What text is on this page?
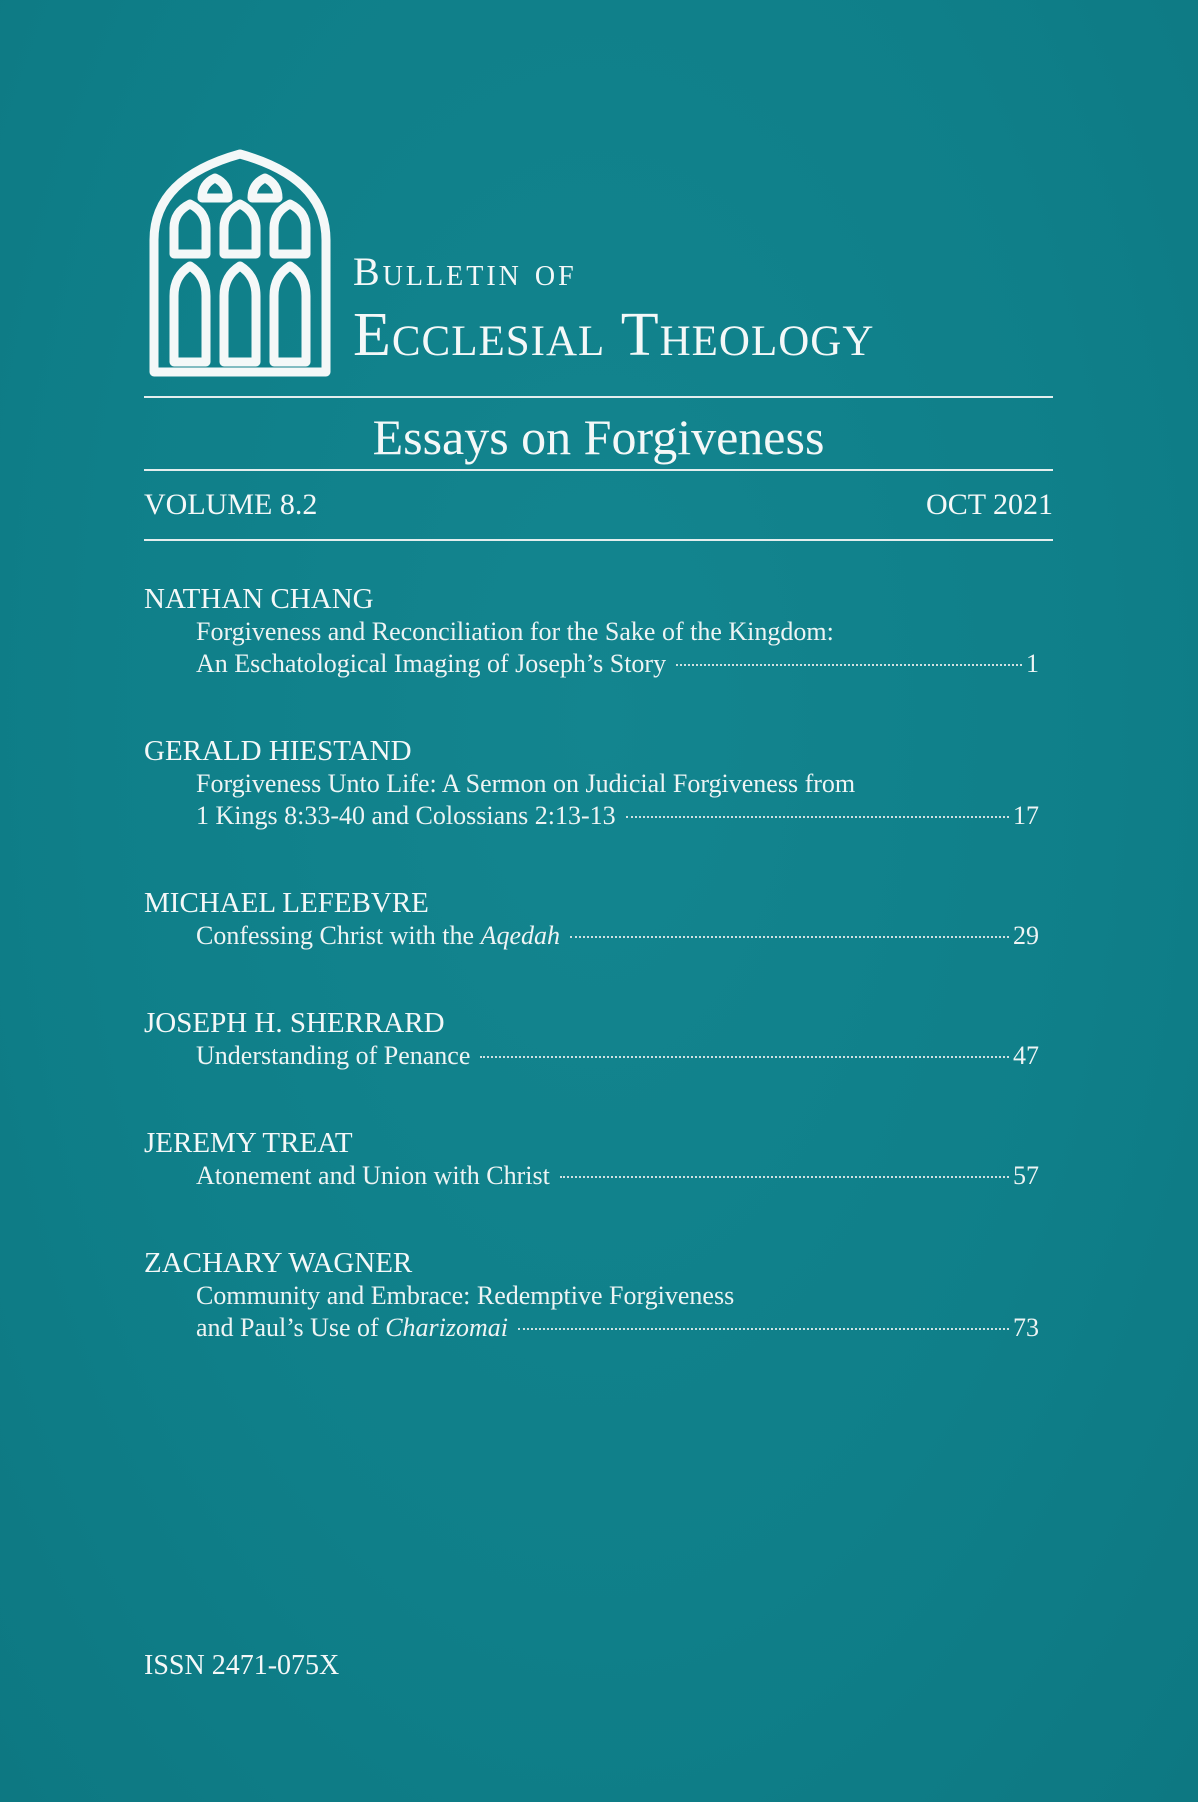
Bulletin of
Ecclesial Theology
Essays on Forgiveness
VOLUME 8.2	OCT 2021
NATHAN CHANG
Forgiveness and Reconciliation for the Sake of the Kingdom:
An Eschatological Imaging of Joseph’s Story	1
GERALD HIESTAND
Forgiveness Unto Life: A Sermon on Judicial Forgiveness from
1 Kings 8:33-40 and Colossians 2:13-13	17
MICHAEL LEFEBVRE
Confessing Christ with the Aqedah	29
JOSEPH H. SHERRARD
Understanding of Penance	47
JEREMY TREAT
Atonement and Union with Christ	57
ZACHARY WAGNER
Community and Embrace: Redemptive Forgiveness
and Paul’s Use of Charizomai	73
ISSN 2471-075X
